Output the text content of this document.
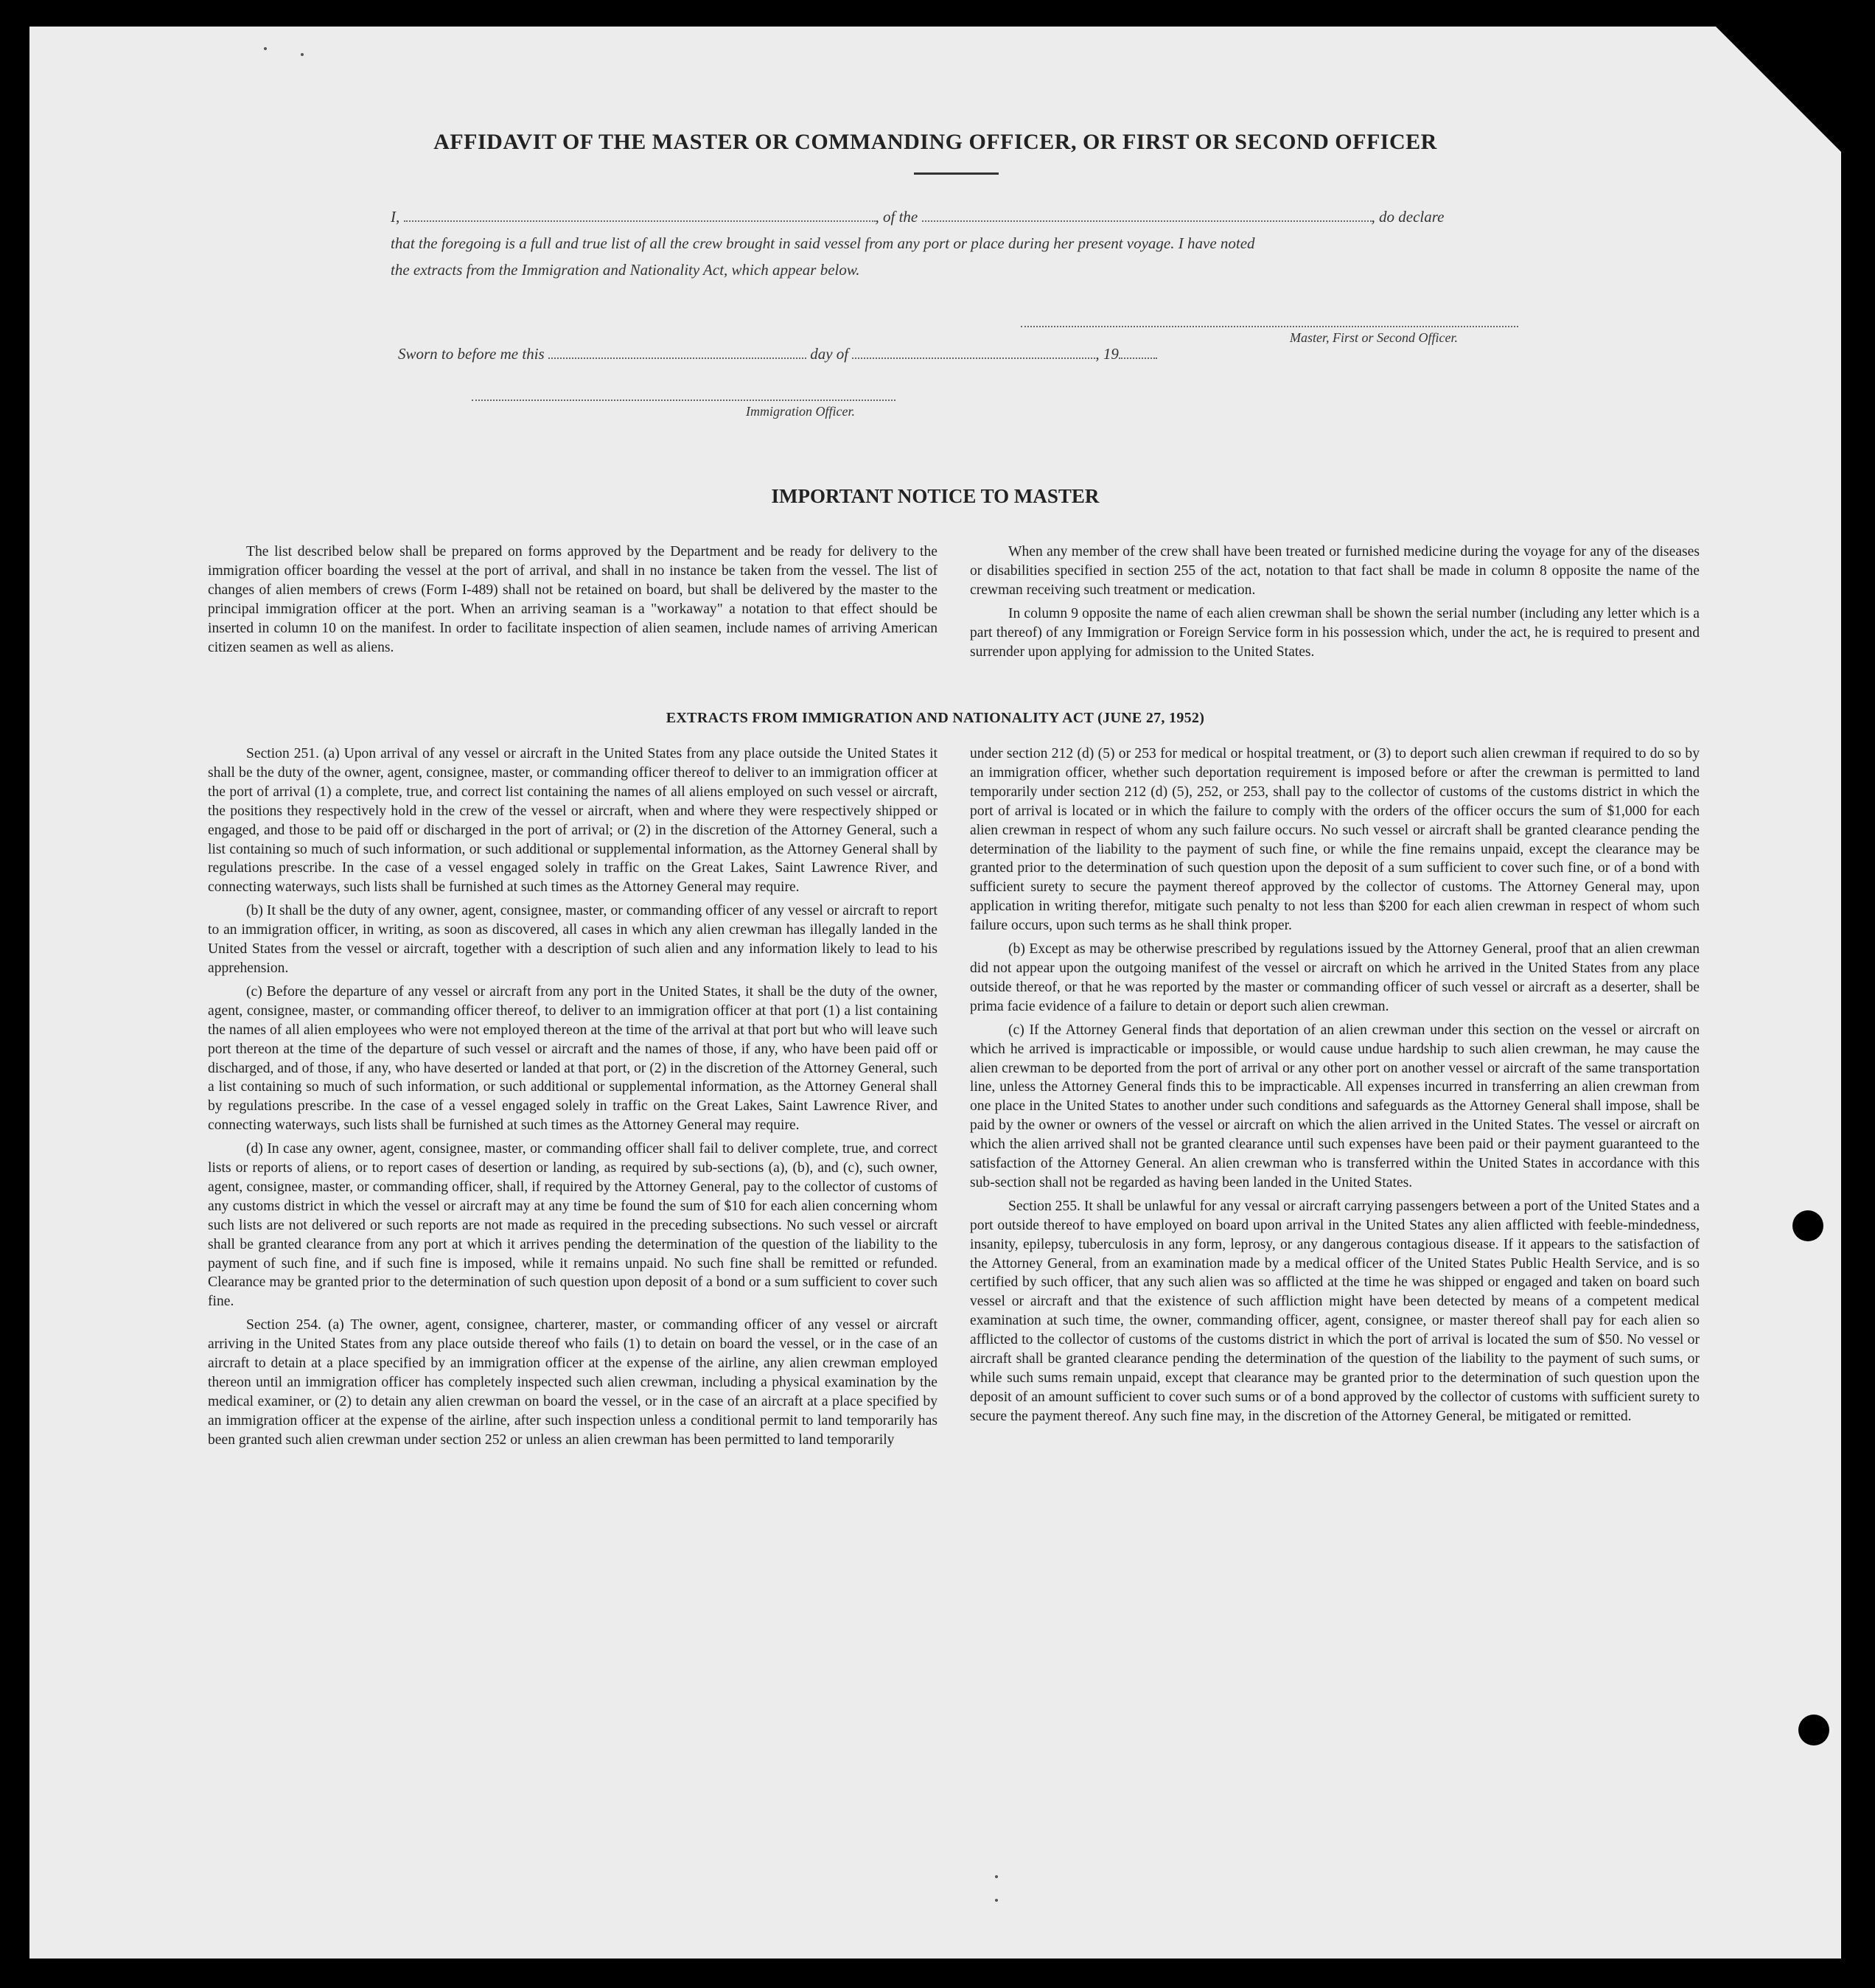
AFFIDAVIT OF THE MASTER OR COMMANDING OFFICER, OR FIRST OR SECOND OFFICER
I,	, of the	, do declare
that the foregoing is a full and true list of all the crew brought in said vessel from any port or place during her present voyage. I have noted
the extracts from the Immigration and Nationality Act, which appear below.
Master, First or Second Officer.
Sworn to before me this	day of	, 19
Immigration Officer.
IMPORTANT NOTICE TO MASTER

The list described below shall be prepared on forms approved by the Department and be ready for delivery to the immigration officer boarding the vessel at the port of arrival, and shall in no instance be taken from the vessel. The list of changes of alien members of crews (Form I-489) shall not be retained on board, but shall be delivered by the master to the principal immigration officer at the port. When an arriving seaman is a "workaway" a notation to that effect should be inserted in column 10 on the manifest. In order to facilitate inspection of alien seamen, include names of arriving American citizen seamen as well as aliens.

When any member of the crew shall have been treated or furnished medicine during the voyage for any of the diseases or disabilities specified in section 255 of the act, notation to that fact shall be made in column 8 opposite the name of the crewman receiving such treatment or medication.

In column 9 opposite the name of each alien crewman shall be shown the serial number (including any letter which is a part thereof) of any Immigration or Foreign Service form in his possession which, under the act, he is required to present and surrender upon applying for admission to the United States.

EXTRACTS FROM IMMIGRATION AND NATIONALITY ACT (JUNE 27, 1952)

Section 251. (a) Upon arrival of any vessel or aircraft in the United States from any place outside the United States it shall be the duty of the owner, agent, consignee, master, or commanding officer thereof to deliver to an immigration officer at the port of arrival (1) a complete, true, and correct list containing the names of all aliens employed on such vessel or aircraft, the positions they respectively hold in the crew of the vessel or aircraft, when and where they were respectively shipped or engaged, and those to be paid off or discharged in the port of arrival; or (2) in the discretion of the Attorney General, such a list containing so much of such information, or such additional or supplemental information, as the Attorney General shall by regulations prescribe. In the case of a vessel engaged solely in traffic on the Great Lakes, Saint Lawrence River, and connecting waterways, such lists shall be furnished at such times as the Attorney General may require.

(b) It shall be the duty of any owner, agent, consignee, master, or commanding officer of any vessel or aircraft to report to an immigration officer, in writing, as soon as discovered, all cases in which any alien crewman has illegally landed in the United States from the vessel or aircraft, together with a description of such alien and any information likely to lead to his apprehension.

(c) Before the departure of any vessel or aircraft from any port in the United States, it shall be the duty of the owner, agent, consignee, master, or commanding officer thereof, to deliver to an immigration officer at that port (1) a list containing the names of all alien employees who were not employed thereon at the time of the arrival at that port but who will leave such port thereon at the time of the departure of such vessel or aircraft and the names of those, if any, who have been paid off or discharged, and of those, if any, who have deserted or landed at that port, or (2) in the discretion of the Attorney General, such a list containing so much of such information, or such additional or supplemental information, as the Attorney General shall by regulations prescribe. In the case of a vessel engaged solely in traffic on the Great Lakes, Saint Lawrence River, and connecting waterways, such lists shall be furnished at such times as the Attorney General may require.

(d) In case any owner, agent, consignee, master, or commanding officer shall fail to deliver complete, true, and correct lists or reports of aliens, or to report cases of desertion or landing, as required by sub-sections (a), (b), and (c), such owner, agent, consignee, master, or commanding officer, shall, if required by the Attorney General, pay to the collector of customs of any customs district in which the vessel or aircraft may at any time be found the sum of $10 for each alien concerning whom such lists are not delivered or such reports are not made as required in the preceding subsections. No such vessel or aircraft shall be granted clearance from any port at which it arrives pending the determination of the question of the liability to the payment of such fine, and if such fine is imposed, while it remains unpaid. No such fine shall be remitted or refunded. Clearance may be granted prior to the determination of such question upon deposit of a bond or a sum sufficient to cover such fine.

Section 254. (a) The owner, agent, consignee, charterer, master, or commanding officer of any vessel or aircraft arriving in the United States from any place outside thereof who fails (1) to detain on board the vessel, or in the case of an aircraft to detain at a place specified by an immigration officer at the expense of the airline, any alien crewman employed thereon until an immigration officer has completely inspected such alien crewman, including a physical examination by the medical examiner, or (2) to detain any alien crewman on board the vessel, or in the case of an aircraft at a place specified by an immigration officer at the expense of the airline, after such inspection unless a conditional permit to land temporarily has been granted such alien crewman under section 252 or unless an alien crewman has been permitted to land temporarily

under section 212 (d) (5) or 253 for medical or hospital treatment, or (3) to deport such alien crewman if required to do so by an immigration officer, whether such deportation requirement is imposed before or after the crewman is permitted to land temporarily under section 212 (d) (5), 252, or 253, shall pay to the collector of customs of the customs district in which the port of arrival is located or in which the failure to comply with the orders of the officer occurs the sum of $1,000 for each alien crewman in respect of whom any such failure occurs. No such vessel or aircraft shall be granted clearance pending the determination of the liability to the payment of such fine, or while the fine remains unpaid, except the clearance may be granted prior to the determination of such question upon the deposit of a sum sufficient to cover such fine, or of a bond with sufficient surety to secure the payment thereof approved by the collector of customs. The Attorney General may, upon application in writing therefor, mitigate such penalty to not less than $200 for each alien crewman in respect of whom such failure occurs, upon such terms as he shall think proper.

(b) Except as may be otherwise prescribed by regulations issued by the Attorney General, proof that an alien crewman did not appear upon the outgoing manifest of the vessel or aircraft on which he arrived in the United States from any place outside thereof, or that he was reported by the master or commanding officer of such vessel or aircraft as a deserter, shall be prima facie evidence of a failure to detain or deport such alien crewman.

(c) If the Attorney General finds that deportation of an alien crewman under this section on the vessel or aircraft on which he arrived is impracticable or impossible, or would cause undue hardship to such alien crewman, he may cause the alien crewman to be deported from the port of arrival or any other port on another vessel or aircraft of the same transportation line, unless the Attorney General finds this to be impracticable. All expenses incurred in transferring an alien crewman from one place in the United States to another under such conditions and safeguards as the Attorney General shall impose, shall be paid by the owner or owners of the vessel or aircraft on which the alien arrived in the United States. The vessel or aircraft on which the alien arrived shall not be granted clearance until such expenses have been paid or their payment guaranteed to the satisfaction of the Attorney General. An alien crewman who is transferred within the United States in accordance with this sub-section shall not be regarded as having been landed in the United States.

Section 255. It shall be unlawful for any vessal or aircraft carrying passengers between a port of the United States and a port outside thereof to have employed on board upon arrival in the United States any alien afflicted with feeble-mindedness, insanity, epilepsy, tuberculosis in any form, leprosy, or any dangerous contagious disease. If it appears to the satisfaction of the Attorney General, from an examination made by a medical officer of the United States Public Health Service, and is so certified by such officer, that any such alien was so afflicted at the time he was shipped or engaged and taken on board such vessel or aircraft and that the existence of such affliction might have been detected by means of a competent medical examination at such time, the owner, commanding officer, agent, consignee, or master thereof shall pay for each alien so afflicted to the collector of customs of the customs district in which the port of arrival is located the sum of $50. No vessel or aircraft shall be granted clearance pending the determination of the question of the liability to the payment of such sums, or while such sums remain unpaid, except that clearance may be granted prior to the determination of such question upon the deposit of an amount sufficient to cover such sums or of a bond approved by the collector of customs with sufficient surety to secure the payment thereof. Any such fine may, in the discretion of the Attorney General, be mitigated or remitted.
